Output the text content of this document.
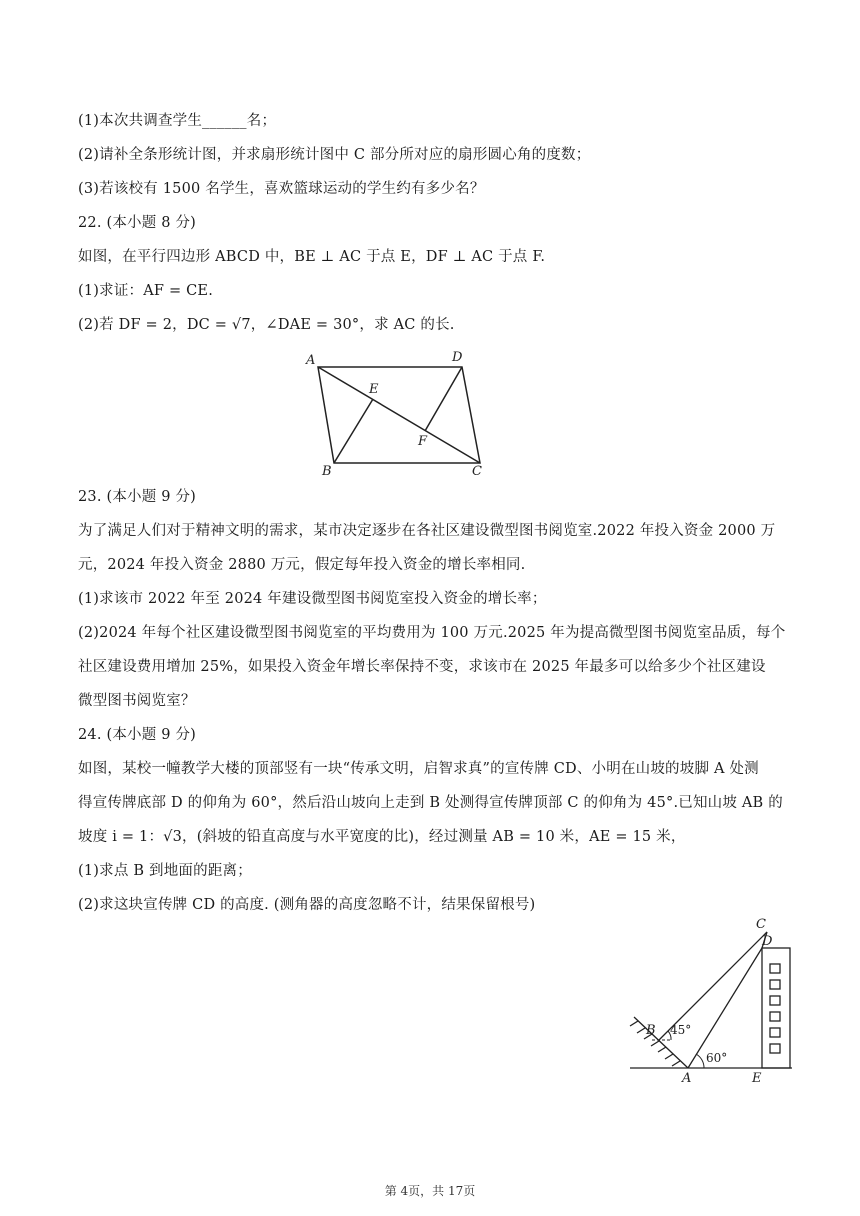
(1)本次共调查学生______名；
(2)请补全条形统计图，并求扇形统计图中 C 部分所对应的扇形圆心角的度数；
(3)若该校有 1500 名学生，喜欢篮球运动的学生约有多少名？
22. (本小题 8 分)
如图，在平行四边形 ABCD 中，BE ⊥ AC 于点 E，DF ⊥ AC 于点 F.
(1)求证：AF = CE.
(2)若 DF = 2，DC = √7，∠DAE = 30°，求 AC 的长.
A	D
E
F
B	C
23. (本小题 9 分)
为了满足人们对于精神文明的需求，某市决定逐步在各社区建设微型图书阅览室.2022 年投入资金 2000 万
元，2024 年投入资金 2880 万元，假定每年投入资金的增长率相同.
(1)求该市 2022 年至 2024 年建设微型图书阅览室投入资金的增长率；
(2)2024 年每个社区建设微型图书阅览室的平均费用为 100 万元.2025 年为提高微型图书阅览室品质，每个
社区建设费用增加 25%，如果投入资金年增长率保持不变，求该市在 2025 年最多可以给多少个社区建设
微型图书阅览室？
24. (本小题 9 分)
如图，某校一幢教学大楼的顶部竖有一块“传承文明，启智求真”的宣传牌 CD、小明在山坡的坡脚 A 处测
得宣传牌底部 D 的仰角为 60°，然后沿山坡向上走到 B 处测得宣传牌顶部 C 的仰角为 45°.已知山坡 AB 的
坡度 i = 1：√3，(斜坡的铅直高度与水平宽度的比)，经过测量 AB = 10 米，AE = 15 米，
(1)求点 B 到地面的距离；
(2)求这块宣传牌 CD 的高度. (测角器的高度忽略不计，结果保留根号)
C
D
B 45°
60°
A	E
第 4页，共 17页
